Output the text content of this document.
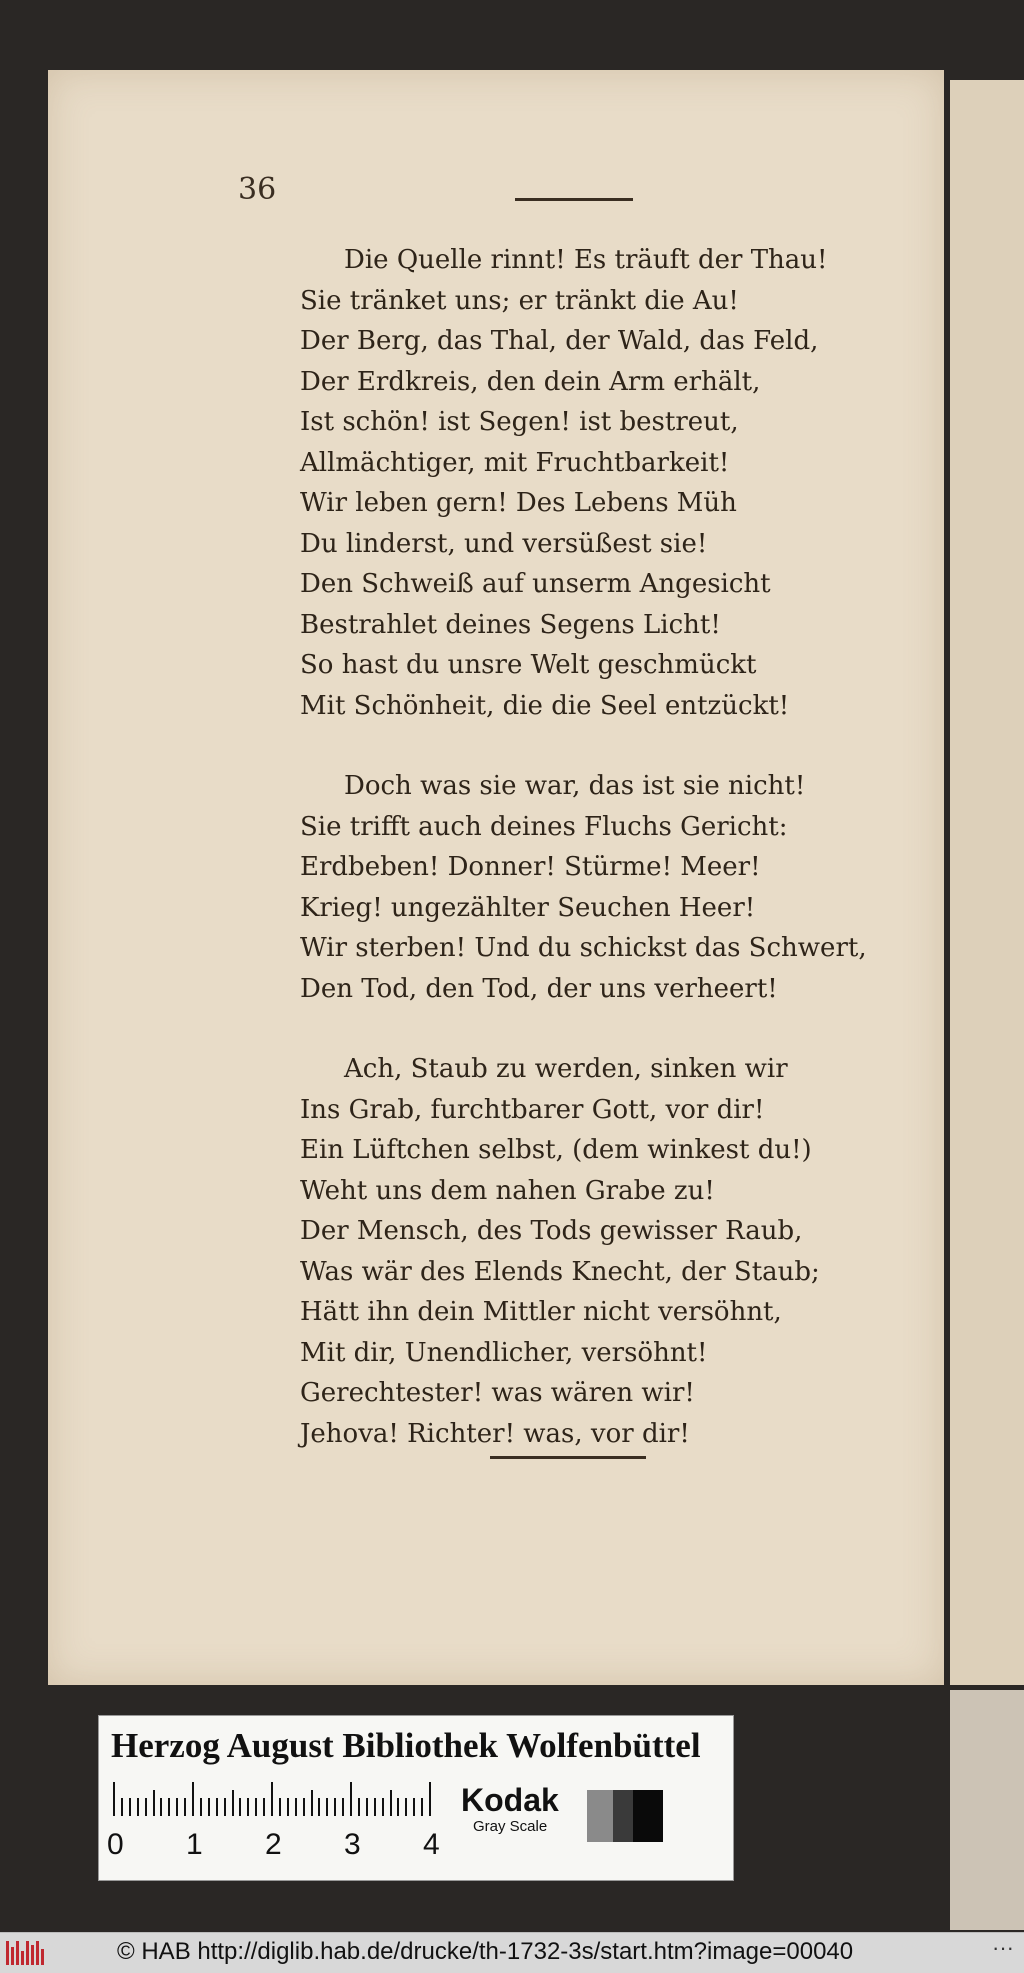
36
Die Quelle rinnt! Es träuft der Thau!
Sie tränket uns; er tränkt die Au!
Der Berg, das Thal, der Wald, das Feld,
Der Erdkreis, den dein Arm erhält,
Ist schön! ist Segen! ist bestreut,
Allmächtiger, mit Fruchtbarkeit!
Wir leben gern! Des Lebens Müh
Du linderst, und versüßest sie!
Den Schweiß auf unserm Angesicht
Bestrahlet deines Segens Licht!
So hast du unsre Welt geschmückt
Mit Schönheit, die die Seel entzückt!
Doch was sie war, das ist sie nicht!
Sie trifft auch deines Fluchs Gericht:
Erdbeben! Donner! Stürme! Meer!
Krieg! ungezählter Seuchen Heer!
Wir sterben! Und du schickst das Schwert,
Den Tod, den Tod, der uns verheert!
Ach, Staub zu werden, sinken wir
Ins Grab, furchtbarer Gott, vor dir!
Ein Lüftchen selbst, (dem winkest du!)
Weht uns dem nahen Grabe zu!
Der Mensch, des Tods gewisser Raub,
Was wär des Elends Knecht, der Staub;
Hätt ihn dein Mittler nicht versöhnt,
Mit dir, Unendlicher, versöhnt!
Gerechtester! was wären wir!
Jehova! Richter! was, vor dir!
Herzog August Bibliothek Wolfenbüttel
0 1 2 3 4
Kodak
Gray Scale
© HAB http://diglib.hab.de/drucke/th-1732-3s/start.htm?image=00040	···
